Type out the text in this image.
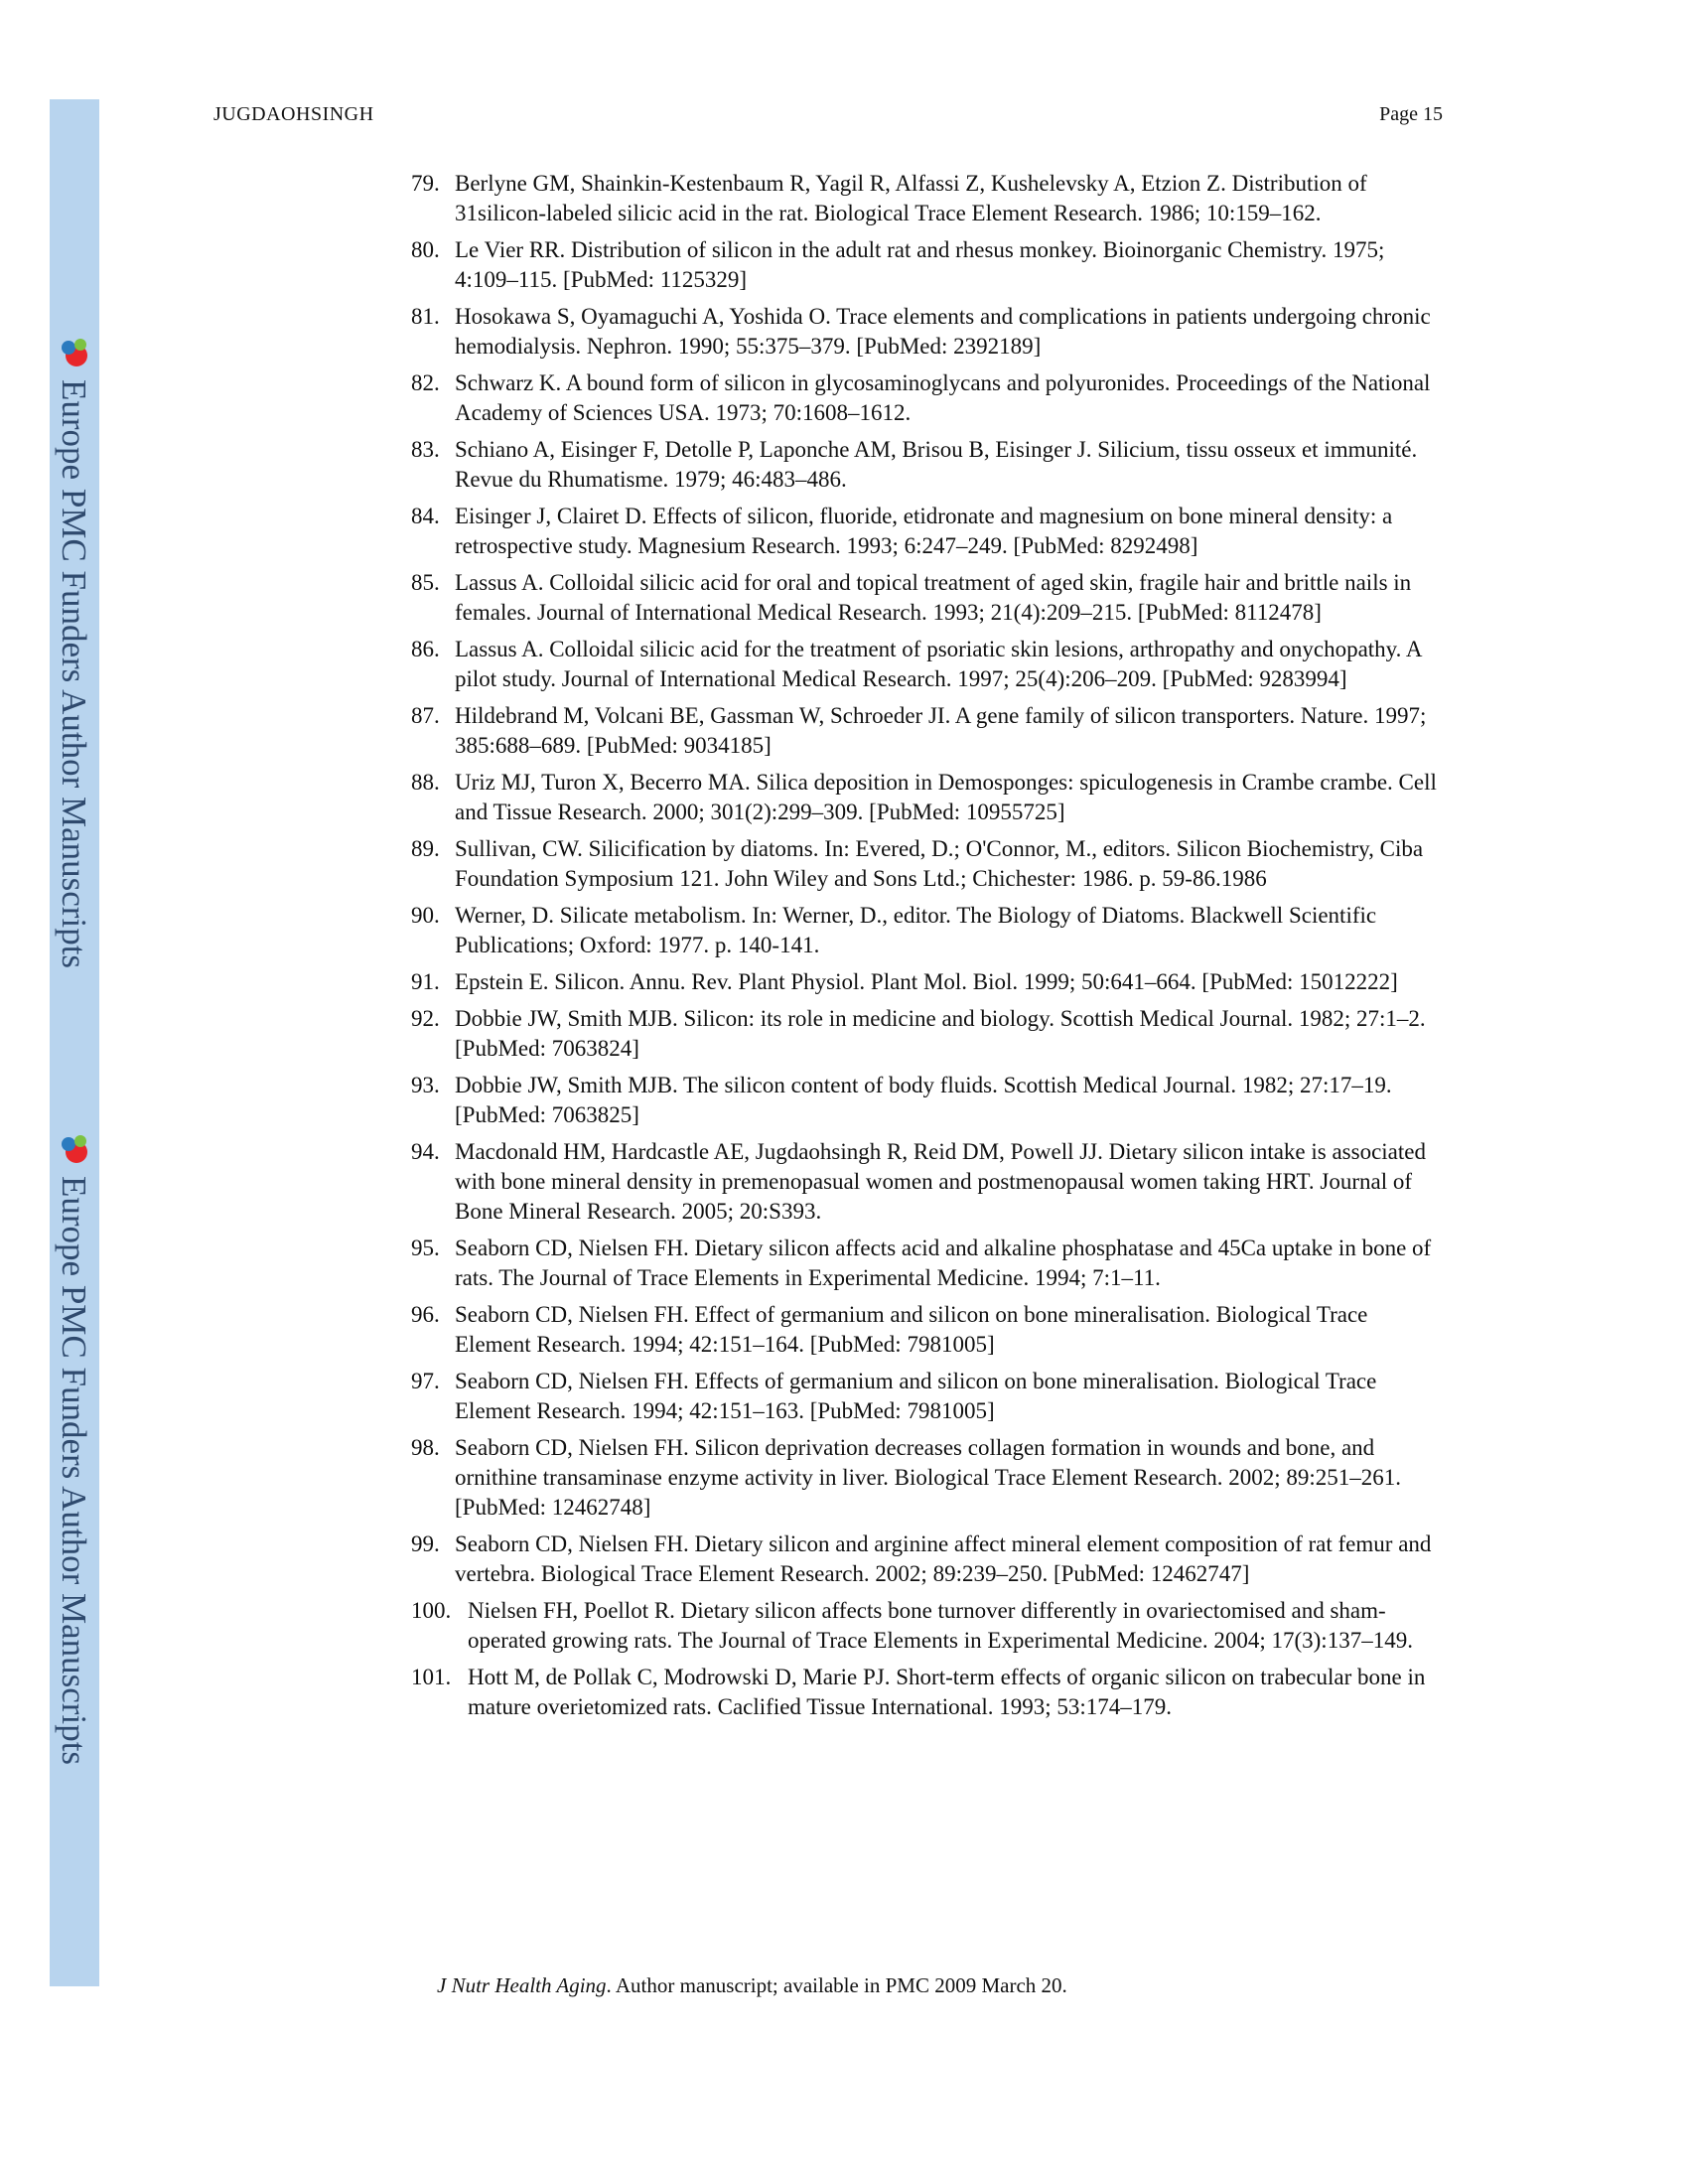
Europe PMC Funders Author Manuscripts
Europe PMC Funders Author Manuscripts
JUGDAOHSINGH	Page 15
79. Berlyne GM, Shainkin-Kestenbaum R, Yagil R, Alfassi Z, Kushelevsky A, Etzion Z. Distribution of 31silicon-labeled silicic acid in the rat. Biological Trace Element Research. 1986; 10:159–162.
80. Le Vier RR. Distribution of silicon in the adult rat and rhesus monkey. Bioinorganic Chemistry. 1975; 4:109–115. [PubMed: 1125329]
81. Hosokawa S, Oyamaguchi A, Yoshida O. Trace elements and complications in patients undergoing chronic hemodialysis. Nephron. 1990; 55:375–379. [PubMed: 2392189]
82. Schwarz K. A bound form of silicon in glycosaminoglycans and polyuronides. Proceedings of the National Academy of Sciences USA. 1973; 70:1608–1612.
83. Schiano A, Eisinger F, Detolle P, Laponche AM, Brisou B, Eisinger J. Silicium, tissu osseux et immunité. Revue du Rhumatisme. 1979; 46:483–486.
84. Eisinger J, Clairet D. Effects of silicon, fluoride, etidronate and magnesium on bone mineral density: a retrospective study. Magnesium Research. 1993; 6:247–249. [PubMed: 8292498]
85. Lassus A. Colloidal silicic acid for oral and topical treatment of aged skin, fragile hair and brittle nails in females. Journal of International Medical Research. 1993; 21(4):209–215. [PubMed: 8112478]
86. Lassus A. Colloidal silicic acid for the treatment of psoriatic skin lesions, arthropathy and onychopathy. A pilot study. Journal of International Medical Research. 1997; 25(4):206–209. [PubMed: 9283994]
87. Hildebrand M, Volcani BE, Gassman W, Schroeder JI. A gene family of silicon transporters. Nature. 1997; 385:688–689. [PubMed: 9034185]
88. Uriz MJ, Turon X, Becerro MA. Silica deposition in Demosponges: spiculogenesis in Crambe crambe. Cell and Tissue Research. 2000; 301(2):299–309. [PubMed: 10955725]
89. Sullivan, CW. Silicification by diatoms. In: Evered, D.; O'Connor, M., editors. Silicon Biochemistry, Ciba Foundation Symposium 121. John Wiley and Sons Ltd.; Chichester: 1986. p. 59-86.1986
90. Werner, D. Silicate metabolism. In: Werner, D., editor. The Biology of Diatoms. Blackwell Scientific Publications; Oxford: 1977. p. 140-141.
91. Epstein E. Silicon. Annu. Rev. Plant Physiol. Plant Mol. Biol. 1999; 50:641–664. [PubMed: 15012222]
92. Dobbie JW, Smith MJB. Silicon: its role in medicine and biology. Scottish Medical Journal. 1982; 27:1–2. [PubMed: 7063824]
93. Dobbie JW, Smith MJB. The silicon content of body fluids. Scottish Medical Journal. 1982; 27:17–19. [PubMed: 7063825]
94. Macdonald HM, Hardcastle AE, Jugdaohsingh R, Reid DM, Powell JJ. Dietary silicon intake is associated with bone mineral density in premenopasual women and postmenopausal women taking HRT. Journal of Bone Mineral Research. 2005; 20:S393.
95. Seaborn CD, Nielsen FH. Dietary silicon affects acid and alkaline phosphatase and 45Ca uptake in bone of rats. The Journal of Trace Elements in Experimental Medicine. 1994; 7:1–11.
96. Seaborn CD, Nielsen FH. Effect of germanium and silicon on bone mineralisation. Biological Trace Element Research. 1994; 42:151–164. [PubMed: 7981005]
97. Seaborn CD, Nielsen FH. Effects of germanium and silicon on bone mineralisation. Biological Trace Element Research. 1994; 42:151–163. [PubMed: 7981005]
98. Seaborn CD, Nielsen FH. Silicon deprivation decreases collagen formation in wounds and bone, and ornithine transaminase enzyme activity in liver. Biological Trace Element Research. 2002; 89:251–261. [PubMed: 12462748]
99. Seaborn CD, Nielsen FH. Dietary silicon and arginine affect mineral element composition of rat femur and vertebra. Biological Trace Element Research. 2002; 89:239–250. [PubMed: 12462747]
100. Nielsen FH, Poellot R. Dietary silicon affects bone turnover differently in ovariectomised and sham-operated growing rats. The Journal of Trace Elements in Experimental Medicine. 2004; 17(3):137–149.
101. Hott M, de Pollak C, Modrowski D, Marie PJ. Short-term effects of organic silicon on trabecular bone in mature overietomized rats. Caclified Tissue International. 1993; 53:174–179.
J Nutr Health Aging. Author manuscript; available in PMC 2009 March 20.
